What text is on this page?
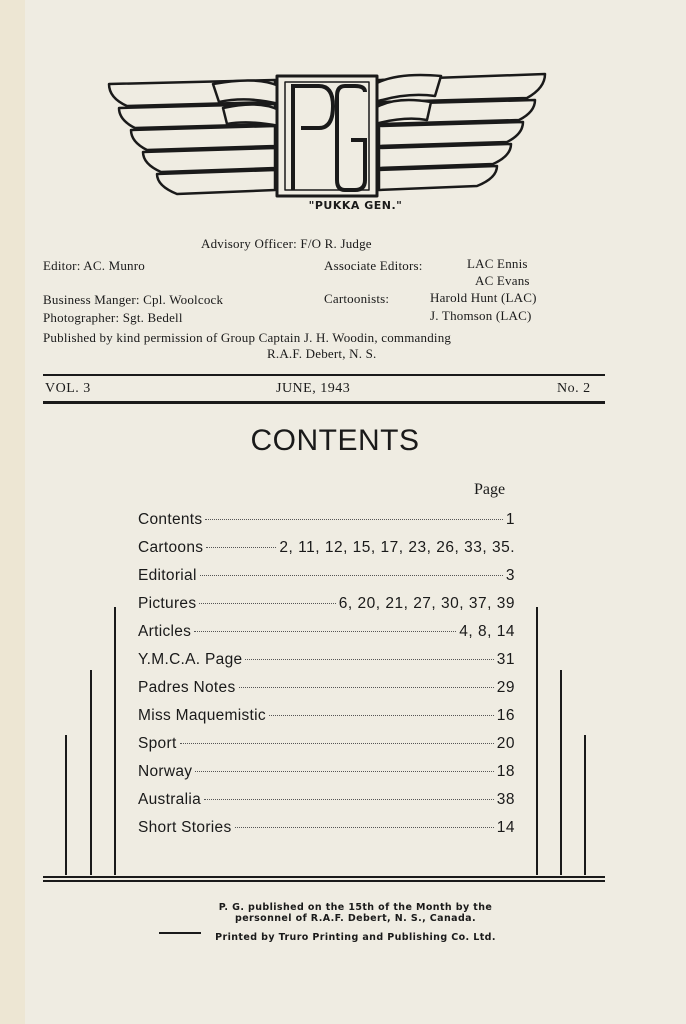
"PUKKA GEN."
Advisory Officer: F/O R. Judge
Editor: AC. Munro	Associate Editors:	LAC Ennis
AC Evans
Business Manger: Cpl. Woolcock	Cartoonists:	Harold Hunt (LAC)
J. Thomson (LAC)
Photographer: Sgt. Bedell
Published by kind permission of Group Captain J. H. Woodin, commanding
R.A.F. Debert, N. S.
VOL. 3	JUNE, 1943	No. 2
CONTENTS
Page
Contents	1
Cartoons	2, 11, 12, 15, 17, 23, 26, 33, 35.
Editorial	3
Pictures	6, 20, 21, 27, 30, 37, 39
Articles	4, 8, 14
Y.M.C.A. Page	31
Padres Notes	29
Miss Maquemistic	16
Sport	20
Norway	18
Australia	38
Short Stories	14
P. G. published on the 15th of the Month by the
personnel of R.A.F. Debert, N. S., Canada.
Printed by Truro Printing and Publishing Co. Ltd.
